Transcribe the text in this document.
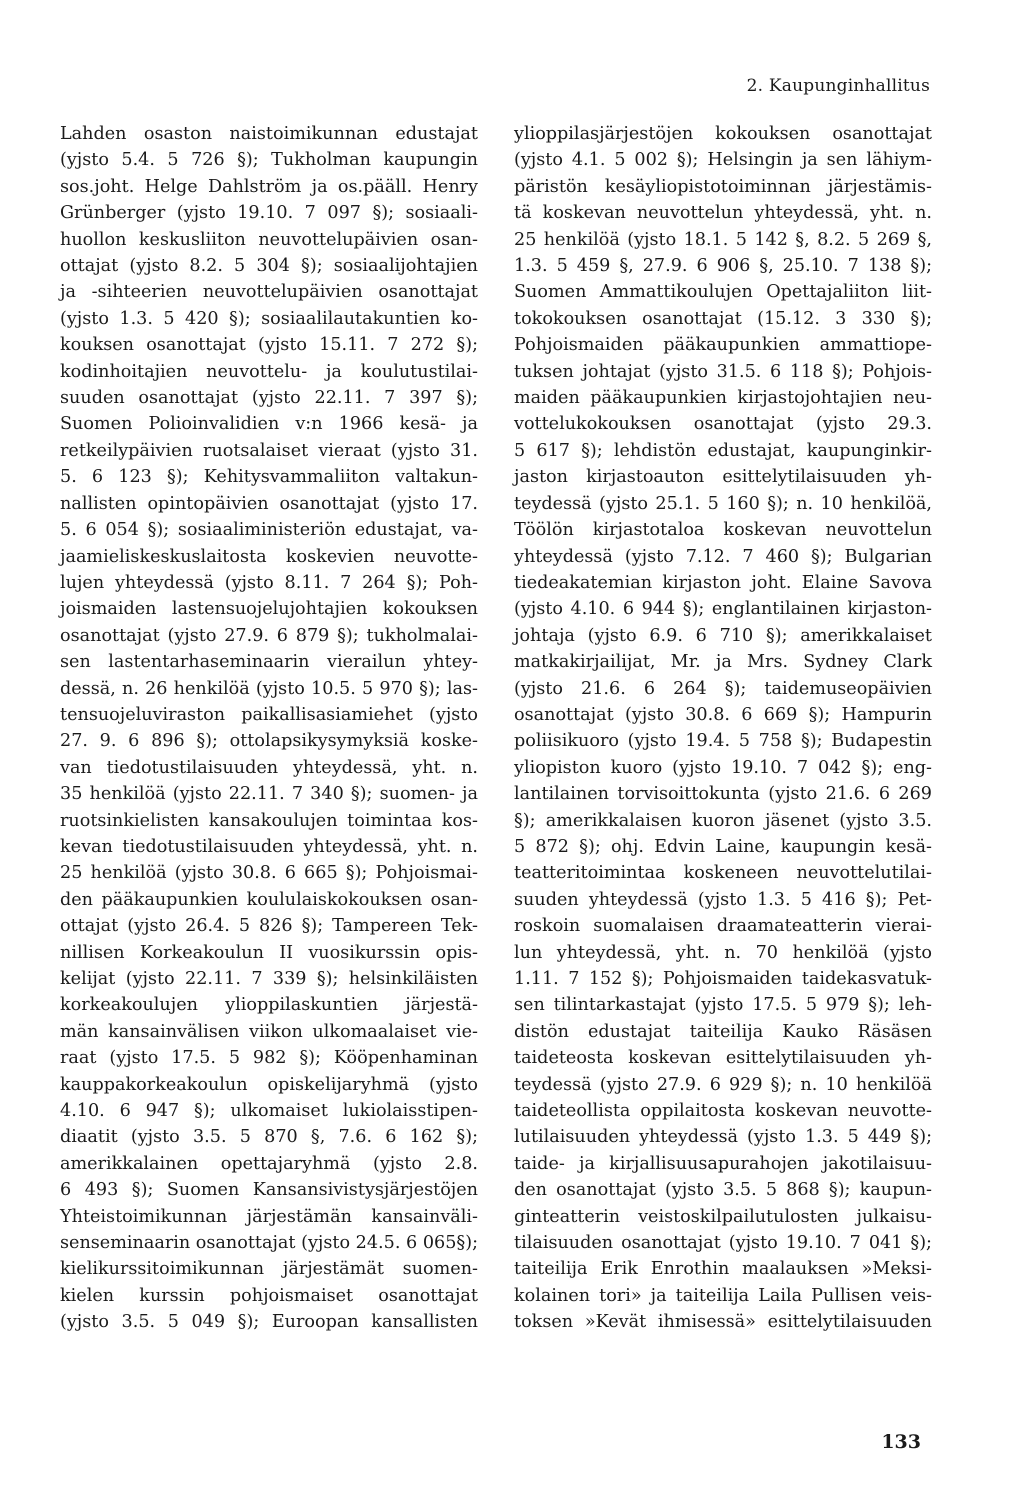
2. Kaupunginhallitus
Lahden osaston naistoimikunnan edustajat
(yjsto 5.4. 5 726 §); Tukholman kaupungin
sos.joht. Helge Dahlström ja os.pääll. Henry
Grünberger (yjsto 19.10. 7 097 §); sosiaali-
huollon keskusliiton neuvottelupäivien osan-
ottajat (yjsto 8.2. 5 304 §); sosiaalijohtajien
ja -sihteerien neuvottelupäivien osanottajat
(yjsto 1.3. 5 420 §); sosiaalilautakuntien ko-
kouksen osanottajat (yjsto 15.11. 7 272 §);
kodinhoitajien neuvottelu- ja koulutustilai-
suuden osanottajat (yjsto 22.11. 7 397 §);
Suomen Polioinvalidien v:n 1966 kesä- ja
retkeilypäivien ruotsalaiset vieraat (yjsto 31.
5. 6 123 §); Kehitysvammaliiton valtakun-
nallisten opintopäivien osanottajat (yjsto 17.
5. 6 054 §); sosiaaliministeriön edustajat, va-
jaamieliskeskuslaitosta koskevien neuvotte-
lujen yhteydessä (yjsto 8.11. 7 264 §); Poh-
joismaiden lastensuojelujohtajien kokouksen
osanottajat (yjsto 27.9. 6 879 §); tukholmalai-
sen lastentarhaseminaarin vierailun yhtey-
dessä, n. 26 henkilöä (yjsto 10.5. 5 970 §); las-
tensuojeluviraston paikallisasiamiehet (yjsto
27. 9. 6 896 §); ottolapsikysymyksiä koske-
van tiedotustilaisuuden yhteydessä, yht. n.
35 henkilöä (yjsto 22.11. 7 340 §); suomen- ja
ruotsinkielisten kansakoulujen toimintaa kos-
kevan tiedotustilaisuuden yhteydessä, yht. n.
25 henkilöä (yjsto 30.8. 6 665 §); Pohjoismai-
den pääkaupunkien koululaiskokouksen osan-
ottajat (yjsto 26.4. 5 826 §); Tampereen Tek-
nillisen Korkeakoulun II vuosikurssin opis-
kelijat (yjsto 22.11. 7 339 §); helsinkiläisten
korkeakoulujen ylioppilaskuntien järjestä-
män kansainvälisen viikon ulkomaalaiset vie-
raat (yjsto 17.5. 5 982 §); Kööpenhaminan
kauppakorkeakoulun opiskelijaryhmä (yjsto
4.10. 6 947 §); ulkomaiset lukiolaisstipen-
diaatit (yjsto 3.5. 5 870 §, 7.6. 6 162 §);
amerikkalainen opettajaryhmä (yjsto 2.8.
6 493 §); Suomen Kansansivistysjärjestöjen
Yhteistoimikunnan järjestämän kansainväli-
senseminaarin osanottajat (yjsto 24.5. 6 065§);
kielikurssitoimikunnan järjestämät suomen-
kielen kurssin pohjoismaiset osanottajat
(yjsto 3.5. 5 049 §); Euroopan kansallisten
ylioppilasjärjestöjen kokouksen osanottajat
(yjsto 4.1. 5 002 §); Helsingin ja sen lähiym-
päristön kesäyliopistotoiminnan järjestämis-
tä koskevan neuvottelun yhteydessä, yht. n.
25 henkilöä (yjsto 18.1. 5 142 §, 8.2. 5 269 §,
1.3. 5 459 §, 27.9. 6 906 §, 25.10. 7 138 §);
Suomen Ammattikoulujen Opettajaliiton liit-
tokokouksen osanottajat (15.12. 3 330 §);
Pohjoismaiden pääkaupunkien ammattiope-
tuksen johtajat (yjsto 31.5. 6 118 §); Pohjois-
maiden pääkaupunkien kirjastojohtajien neu-
vottelukokouksen osanottajat (yjsto 29.3.
5 617 §); lehdistön edustajat, kaupunginkir-
jaston kirjastoauton esittelytilaisuuden yh-
teydessä (yjsto 25.1. 5 160 §); n. 10 henkilöä,
Töölön kirjastotaloa koskevan neuvottelun
yhteydessä (yjsto 7.12. 7 460 §); Bulgarian
tiedeakatemian kirjaston joht. Elaine Savova
(yjsto 4.10. 6 944 §); englantilainen kirjaston-
johtaja (yjsto 6.9. 6 710 §); amerikkalaiset
matkakirjailijat, Mr. ja Mrs. Sydney Clark
(yjsto 21.6. 6 264 §); taidemuseopäivien
osanottajat (yjsto 30.8. 6 669 §); Hampurin
poliisikuoro (yjsto 19.4. 5 758 §); Budapestin
yliopiston kuoro (yjsto 19.10. 7 042 §); eng-
lantilainen torvisoittokunta (yjsto 21.6. 6 269
§); amerikkalaisen kuoron jäsenet (yjsto 3.5.
5 872 §); ohj. Edvin Laine, kaupungin kesä-
teatteritoimintaa koskeneen neuvottelutilai-
suuden yhteydessä (yjsto 1.3. 5 416 §); Pet-
roskoin suomalaisen draamateatterin vierai-
lun yhteydessä, yht. n. 70 henkilöä (yjsto
1.11. 7 152 §); Pohjoismaiden taidekasvatuk-
sen tilintarkastajat (yjsto 17.5. 5 979 §); leh-
distön edustajat taiteilija Kauko Räsäsen
taideteosta koskevan esittelytilaisuuden yh-
teydessä (yjsto 27.9. 6 929 §); n. 10 henkilöä
taideteollista oppilaitosta koskevan neuvotte-
lutilaisuuden yhteydessä (yjsto 1.3. 5 449 §);
taide- ja kirjallisuusapurahojen jakotilaisuu-
den osanottajat (yjsto 3.5. 5 868 §); kaupun-
ginteatterin veistoskilpailutulosten julkaisu-
tilaisuuden osanottajat (yjsto 19.10. 7 041 §);
taiteilija Erik Enrothin maalauksen »Meksi-
kolainen tori» ja taiteilija Laila Pullisen veis-
toksen »Kevät ihmisessä» esittelytilaisuuden
133
